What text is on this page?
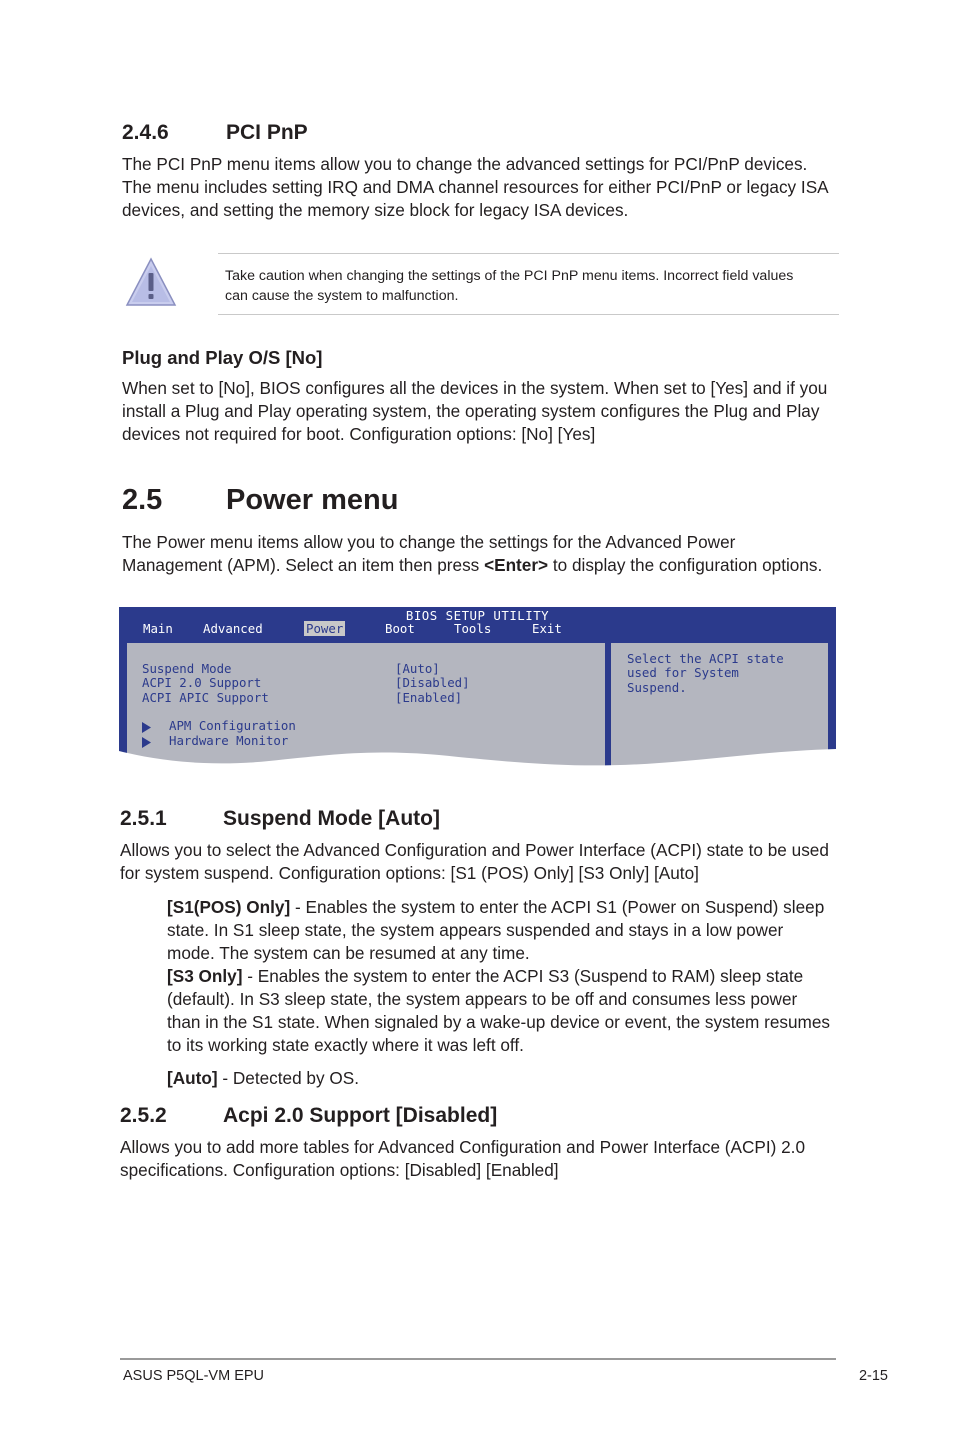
2.4.6	PCI PnP

The PCI PnP menu items allow you to change the advanced settings for PCI/PnP devices.

The menu includes setting IRQ and DMA channel resources for either PCI/PnP or legacy ISA

devices, and setting the memory size block for legacy ISA devices.

Take caution when changing the settings of the PCI PnP menu items. Incorrect field values
can cause the system to malfunction.
Plug and Play O/S [No]

When set to [No], BIOS configures all the devices in the system. When set to [Yes] and if you

install a Plug and Play operating system, the operating system configures the Plug and Play

devices not required for boot. Configuration options: [No] [Yes]

2.5 Power menu

The Power menu items allow you to change the settings for the Advanced Power

Management (APM). Select an item then press <Enter> to display the configuration options.

BIOS SETUP UTILITY
Main Advanced	Power	Boot	Tools	Exit
Suspend Mode	[Auto]
ACPI 2.0 Support	[Disabled]
ACPI APIC Support	[Enabled]
APM Configuration
Hardware Monitor
Select the ACPI state
used for System
Suspend.
2.5.1	Suspend Mode [Auto]

Allows you to select the Advanced Configuration and Power Interface (ACPI) state to be used

for system suspend. Configuration options: [S1 (POS) Only] [S3 Only] [Auto]

[S1(POS) Only] - Enables the system to enter the ACPI S1 (Power on Suspend) sleep

state. In S1 sleep state, the system appears suspended and stays in a low power

mode. The system can be resumed at any time.

[S3 Only] - Enables the system to enter the ACPI S3 (Suspend to RAM) sleep state

(default). In S3 sleep state, the system appears to be off and consumes less power

than in the S1 state. When signaled by a wake-up device or event, the system resumes

to its working state exactly where it was left off.

[Auto] - Detected by OS.

2.5.2	Acpi 2.0 Support [Disabled]

Allows you to add more tables for Advanced Configuration and Power Interface (ACPI) 2.0

specifications. Configuration options: [Disabled] [Enabled]

ASUS P5QL-VM EPU	2-15
